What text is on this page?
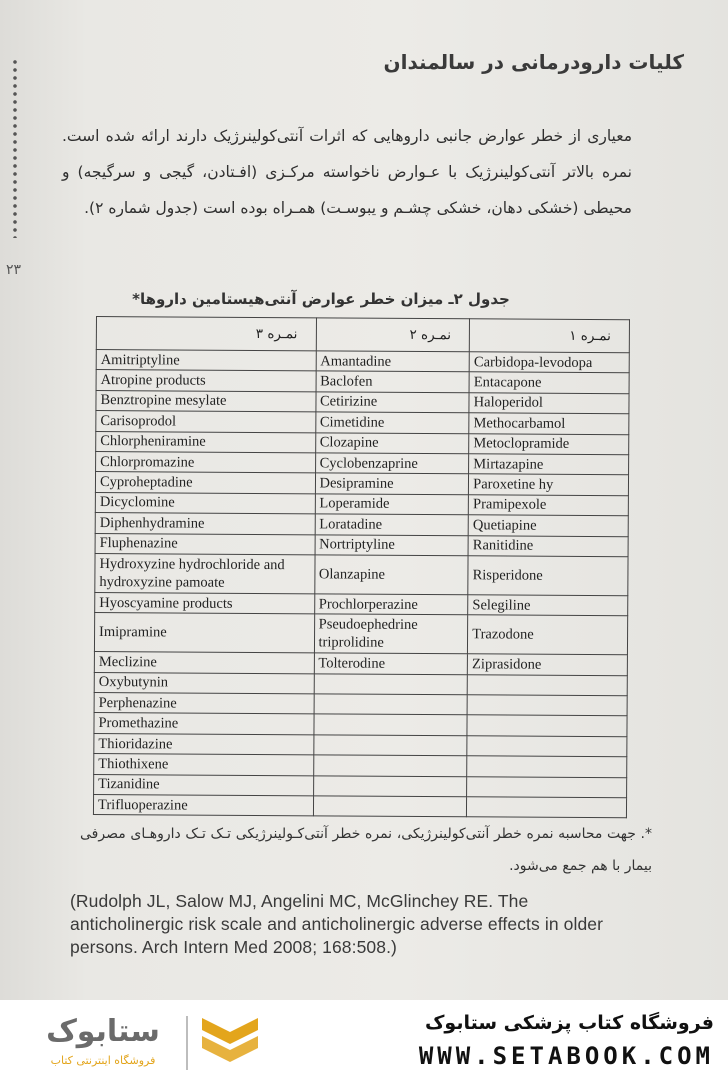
کلیات دارودرمانی در سالمندان
۲۳
معیاری از خطر عوارض جانبی داروهایی که اثرات آنتی‌کولینرژیک دارند ارائه شده است. نمره بالاتر آنتی‌کولینرژیک با عـوارض ناخواسته مرکـزی (افـتادن، گیجی و سرگیجه) و محیطی (خشکی دهان، خشکی چشـم و یبوسـت) همـراه بوده است (جدول شماره ۲).
جدول ۲ـ میزان خطر عوارض آنتی‌هیستامین داروها*
نمـره ۳	نمـره ۲	نمـره ۱
Amitriptyline	Amantadine	Carbidopa-levodopa
Atropine products	Baclofen	Entacapone
Benztropine mesylate	Cetirizine	Haloperidol
Carisoprodol	Cimetidine	Methocarbamol
Chlorpheniramine	Clozapine	Metoclopramide
Chlorpromazine	Cyclobenzaprine	Mirtazapine
Cyproheptadine	Desipramine	Paroxetine hy
Dicyclomine	Loperamide	Pramipexole
Diphenhydramine	Loratadine	Quetiapine
Fluphenazine	Nortriptyline	Ranitidine
Hydroxyzine hydrochloride and hydroxyzine pamoate	Olanzapine	Risperidone
Hyoscyamine products	Prochlorperazine	Selegiline
Imipramine	Pseudoephedrine triprolidine	Trazodone
Meclizine	Tolterodine	Ziprasidone
Oxybutynin		
Perphenazine		
Promethazine		
Thioridazine		
Thiothixene		
Tizanidine		
Trifluoperazine		
*. جهت محاسبه نمره خطر آنتی‌کولینرژیکی، نمره خطر آنتی‌کـولینرژیکی تـک تـک داروهـای مصرفی بیمار با هم جمع می‌شود.
(Rudolph JL, Salow MJ, Angelini MC, McGlinchey RE. The anticholinergic risk scale and anticholinergic adverse effects in older persons. Arch Intern Med 2008; 168:508.)
ستابوک
فروشگاه اینترنتی کتاب
فروشگاه کتاب پزشکی ستابوک
WWW.SETABOOK.COM
